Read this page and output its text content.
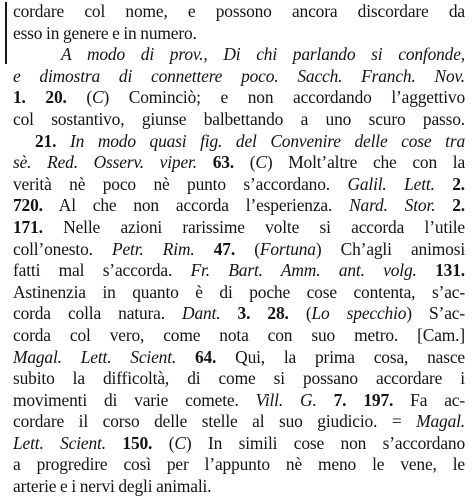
cordare col nome, e possono ancora discordare da
esso in genere e in numero.
A modo di prov., Di chi parlando si confonde,
e dimostra di connettere poco. Sacch. Franch. Nov.
1. 20. (C) Cominciò; e non accordando l’aggettivo
col sostantivo, giunse balbettando a uno scuro passo.
21. In modo quasi fig. del Convenire delle cose tra
sè. Red. Osserv. viper. 63. (C) Molt’altre che con la
verità nè poco nè punto s’accordano. Galil. Lett. 2.
720. Al che non accorda l’esperienza. Nard. Stor. 2.
171. Nelle azioni rarissime volte si accorda l’utile
coll’onesto. Petr. Rim. 47. (Fortuna) Ch’agli animosi
fatti mal s’accorda. Fr. Bart. Amm. ant. volg. 131.
Astinenzia in quanto è di poche cose contenta, s’ac-
corda colla natura. Dant. 3. 28. (Lo specchio) S’ac-
corda col vero, come nota con suo metro. [Cam.]
Magal. Lett. Scient. 64. Qui, la prima cosa, nasce
subito la difficoltà, di come si possano accordare i
movimenti di varie comete. Vill. G. 7. 197. Fa ac-
cordare il corso delle stelle al suo giudicio. = Magal.
Lett. Scient. 150. (C) In simili cose non s’accordano
a progredire così per l’appunto nè meno le vene, le
arterie e i nervi degli animali.
